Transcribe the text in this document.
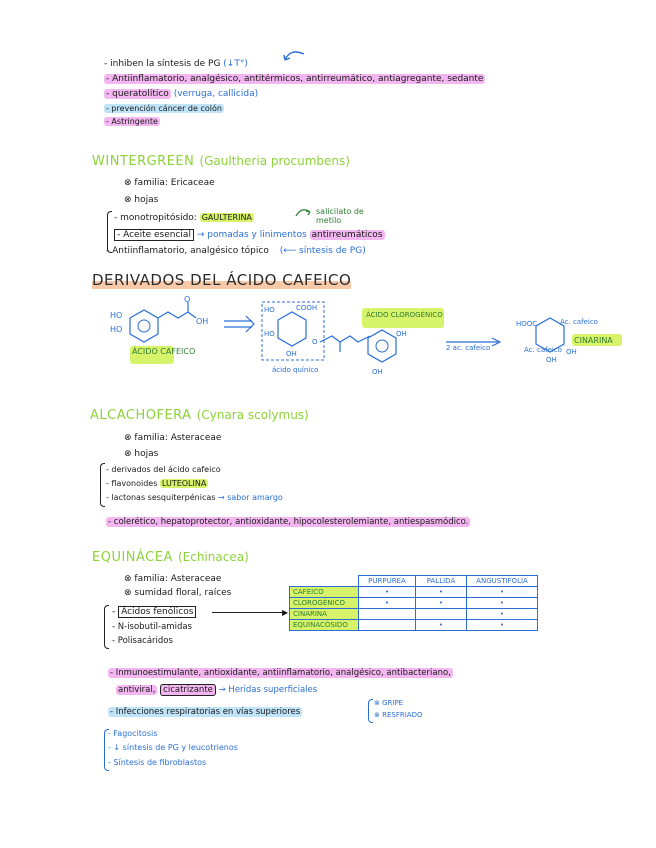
- inhiben la síntesis de PG (↓T°)
- Antiinflamatorio, analgésico, antitérmicos, antirreumático, antiagregante, sedante
- queratolítico (verruga, callicida)
- prevención cáncer de colón
- Astringente
WINTERGREEN (Gaultheria procumbens)
⊗ familia: Ericaceae
⊗ hojas
- monotropitósido: GAULTERINA
salicilato de metilo
- Aceite esencial → pomadas y linimentos antirreumáticos
- Antiinflamatorio, analgésico tópico (⟵ síntesis de PG)
DERIVADOS DEL ÁCIDO CAFEICO
HO
HO
O
OH
ÁCIDO CAFEICO
HO	COOH
HO
OH
O
ácido quínico
OH
OH
ÁCIDO CLOROGÉNICO
2 ac. cafeico
HOOC	Ac. cafeico
Ac. cafeico
OH
OH
CINARINA
ALCACHOFERA (Cynara scolymus)
⊗ familia: Asteraceae
⊗ hojas
- derivados del ácido cafeico
- flavonoides LUTEOLINA
- lactonas sesquiterpénicas → sabor amargo
- colerético, hepatoprotector, antioxidante, hipocolesterolemiante, antiespasmódico.
EQUINÁCEA (Echinacea)
⊗ familia: Asteraceae
⊗ sumidad floral, raíces
- Ácidos fenólicos	▶
- N-isobutil-amidas
- Polisacáridos
	PURPUREA	PALLIDA	ANGUSTIFOLIA
CAFEICO	•	•	•
CLOROGÉNICO	•	•	•
CINARINA			•
EQUINACÓSIDO		•	•
- Inmunoestimulante, antioxidante, antiinflamatorio, analgésico, antibacteriano,
antiviral, cicatrizante → Heridas superficiales
- Infecciones respiratorias en vías superiores
⊗ GRIPE
⊗ RESFRIADO
- Fagocitosis
- ↓ síntesis de PG y leucotrienos
- Síntesis de fibroblastos
